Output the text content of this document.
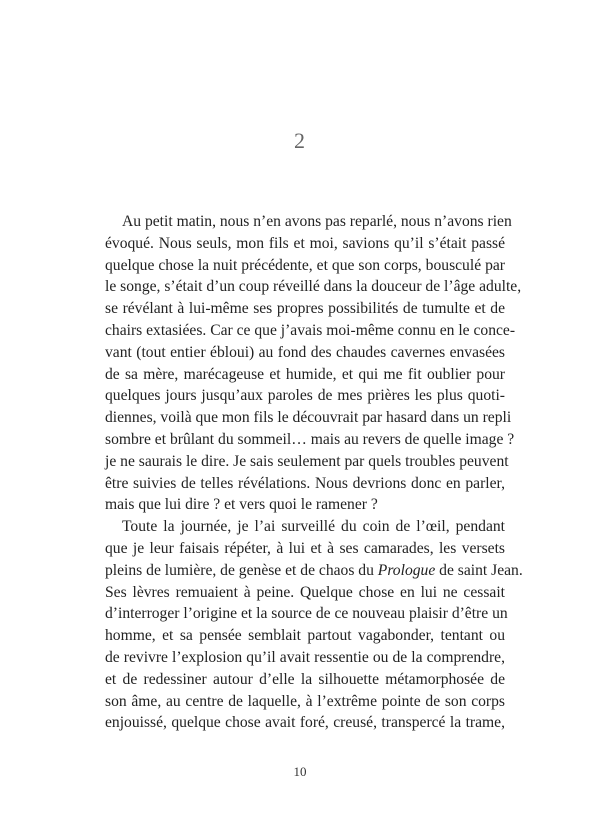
2
Au petit matin, nous n’en avons pas reparlé, nous n’avons rien
évoqué. Nous seuls, mon fils et moi, savions qu’il s’était passé
quelque chose la nuit précédente, et que son corps, bousculé par
le songe, s’était d’un coup réveillé dans la douceur de l’âge adulte,
se révélant à lui-même ses propres possibilités de tumulte et de
chairs extasiées. Car ce que j’avais moi-même connu en le conce-
vant (tout entier ébloui) au fond des chaudes cavernes envasées
de sa mère, marécageuse et humide, et qui me fit oublier pour
quelques jours jusqu’aux paroles de mes prières les plus quoti-
diennes, voilà que mon fils le découvrait par hasard dans un repli
sombre et brûlant du sommeil… mais au revers de quelle image ?
je ne saurais le dire. Je sais seulement par quels troubles peuvent
être suivies de telles révélations. Nous devrions donc en parler,
mais que lui dire ? et vers quoi le ramener ?
Toute la journée, je l’ai surveillé du coin de l’œil, pendant
que je leur faisais répéter, à lui et à ses camarades, les versets
pleins de lumière, de genèse et de chaos du Prologue de saint Jean.
Ses lèvres remuaient à peine. Quelque chose en lui ne cessait
d’interroger l’origine et la source de ce nouveau plaisir d’être un
homme, et sa pensée semblait partout vagabonder, tentant ou
de revivre l’explosion qu’il avait ressentie ou de la comprendre,
et de redessiner autour d’elle la silhouette métamorphosée de
son âme, au centre de laquelle, à l’extrême pointe de son corps
enjouissé, quelque chose avait foré, creusé, transpercé la trame,
10
